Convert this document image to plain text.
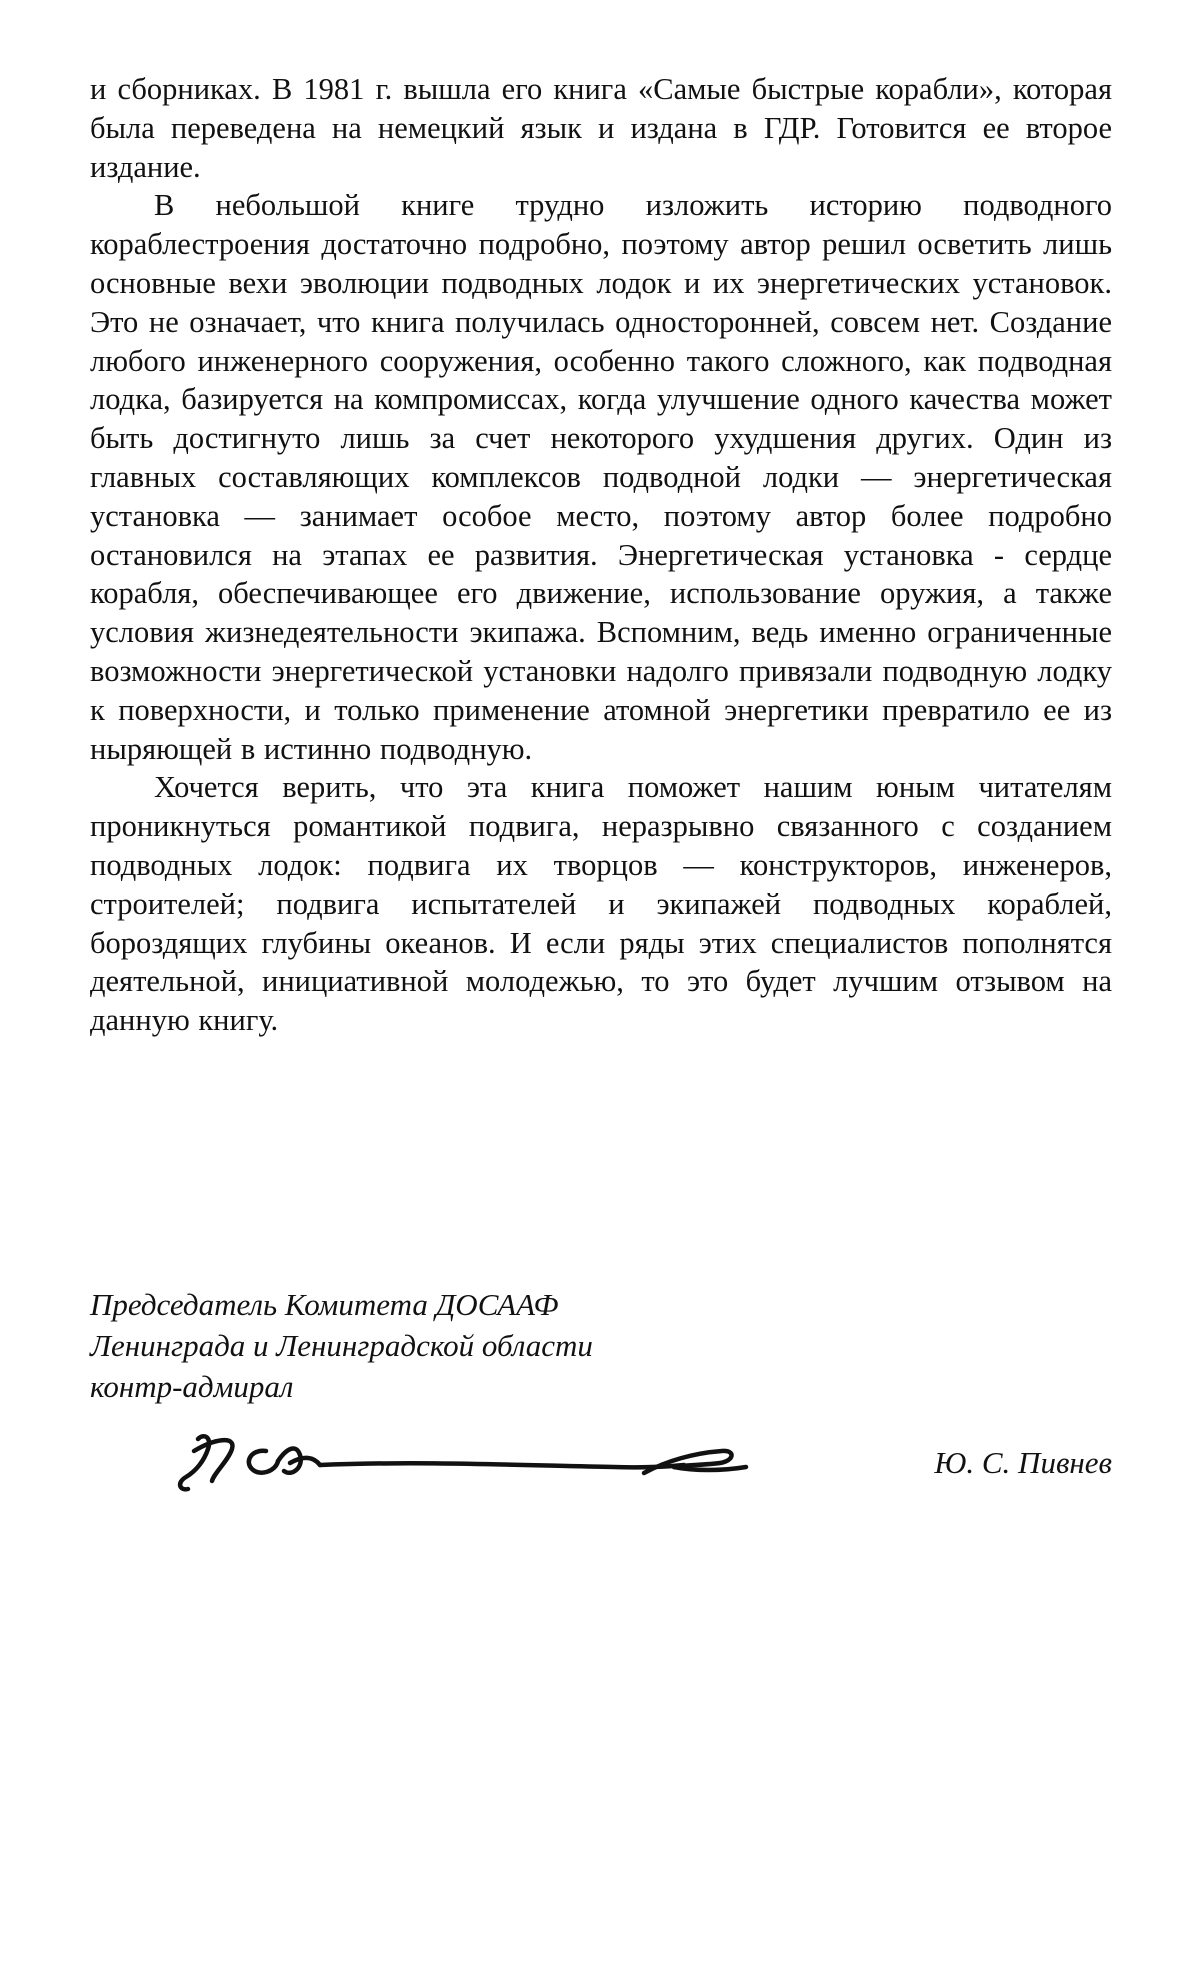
и сборниках. В 1981 г. вышла его книга «Самые быстрые корабли», которая была переведена на немецкий язык и издана в ГДР. Готовится ее второе издание.

В небольшой книге трудно изложить историю подводного кораблестроения достаточно подробно, поэтому автор решил осветить лишь основные вехи эволюции подводных лодок и их энергетических установок. Это не означает, что книга получилась односторонней, совсем нет. Создание любого инженерного сооружения, особенно такого сложного, как подводная лодка, базируется на компромиссах, когда улучшение одного качества может быть достигнуто лишь за счет некоторого ухудшения других. Один из главных составляющих комплексов подводной лодки — энергетическая установка — занимает особое место, поэтому автор более подробно остановился на этапах ее развития. Энергетическая установка - сердце корабля, обеспечивающее его движение, использование оружия, а также условия жизнедеятельности экипажа. Вспомним, ведь именно ограниченные возможности энергетической установки надолго привязали подводную лодку к поверхности, и только применение атомной энергетики превратило ее из ныряющей в истинно подводную.

Хочется верить, что эта книга поможет нашим юным читателям проникнуться романтикой подвига, неразрывно связанного с созданием подводных лодок: подвига их творцов — конструкторов, инженеров, строителей; подвига испытателей и экипажей подводных кораблей, бороздящих глубины океанов. И если ряды этих специалистов пополнятся деятельной, инициативной молодежью, то это будет лучшим отзывом на данную книгу.

Председатель Комитета ДОСААФ
Ленинграда и Ленинградской области
контр-адмирал
Ю. С. Пивнев
